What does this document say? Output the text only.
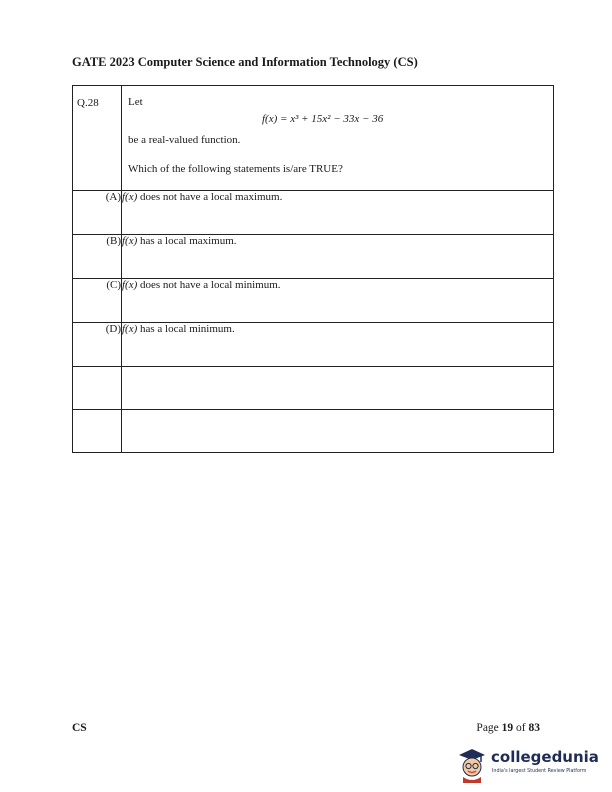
GATE 2023 Computer Science and Information Technology (CS)
Q.28	Let
f(x) = x³ + 15x² − 33x − 36
be a real-valued function.
Which of the following statements is/are TRUE?

(A)	f(x) does not have a local maximum.
(B)	f(x) has a local maximum.
(C)	f(x) does not have a local minimum.
(D)	f(x) has a local minimum.

CS	Page 19 of 83
collegedunia
India's largest Student Review Platform
